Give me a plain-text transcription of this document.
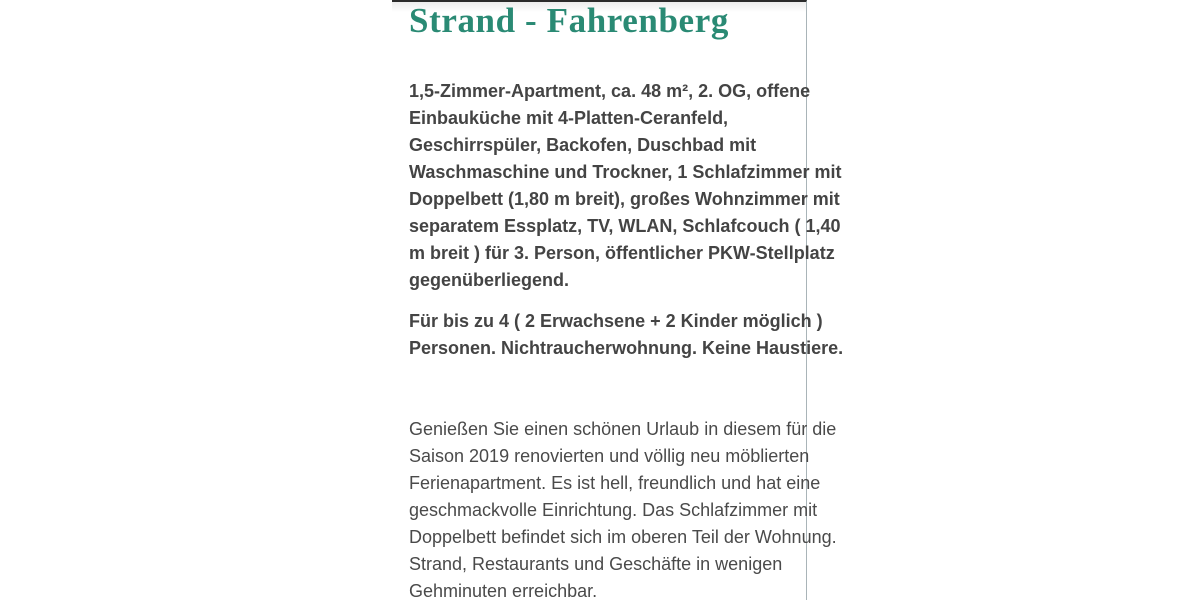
Strand - Fahrenberg

1,5-Zimmer-Apartment, ca. 48 m², 2. OG, offene
Einbauküche mit 4-Platten-Ceranfeld,
Geschirrspüler, Backofen, Duschbad mit
Waschmaschine und Trockner, 1 Schlafzimmer mit
Doppelbett (1,80 m breit), großes Wohnzimmer mit
separatem Essplatz, TV, WLAN, Schlafcouch ( 1,40
m breit ) für 3. Person, öffentlicher PKW-Stellplatz
gegenüberliegend.

Für bis zu 4 ( 2 Erwachsene + 2 Kinder möglich )
Personen. Nichtraucherwohnung. Keine Haustiere.

Genießen Sie einen schönen Urlaub in diesem für die
Saison 2019 renovierten und völlig neu möblierten
Ferienapartment. Es ist hell, freundlich und hat eine
geschmackvolle Einrichtung. Das Schlafzimmer mit
Doppelbett befindet sich im oberen Teil der Wohnung.
Strand, Restaurants und Geschäfte in wenigen
Gehminuten erreichbar.
